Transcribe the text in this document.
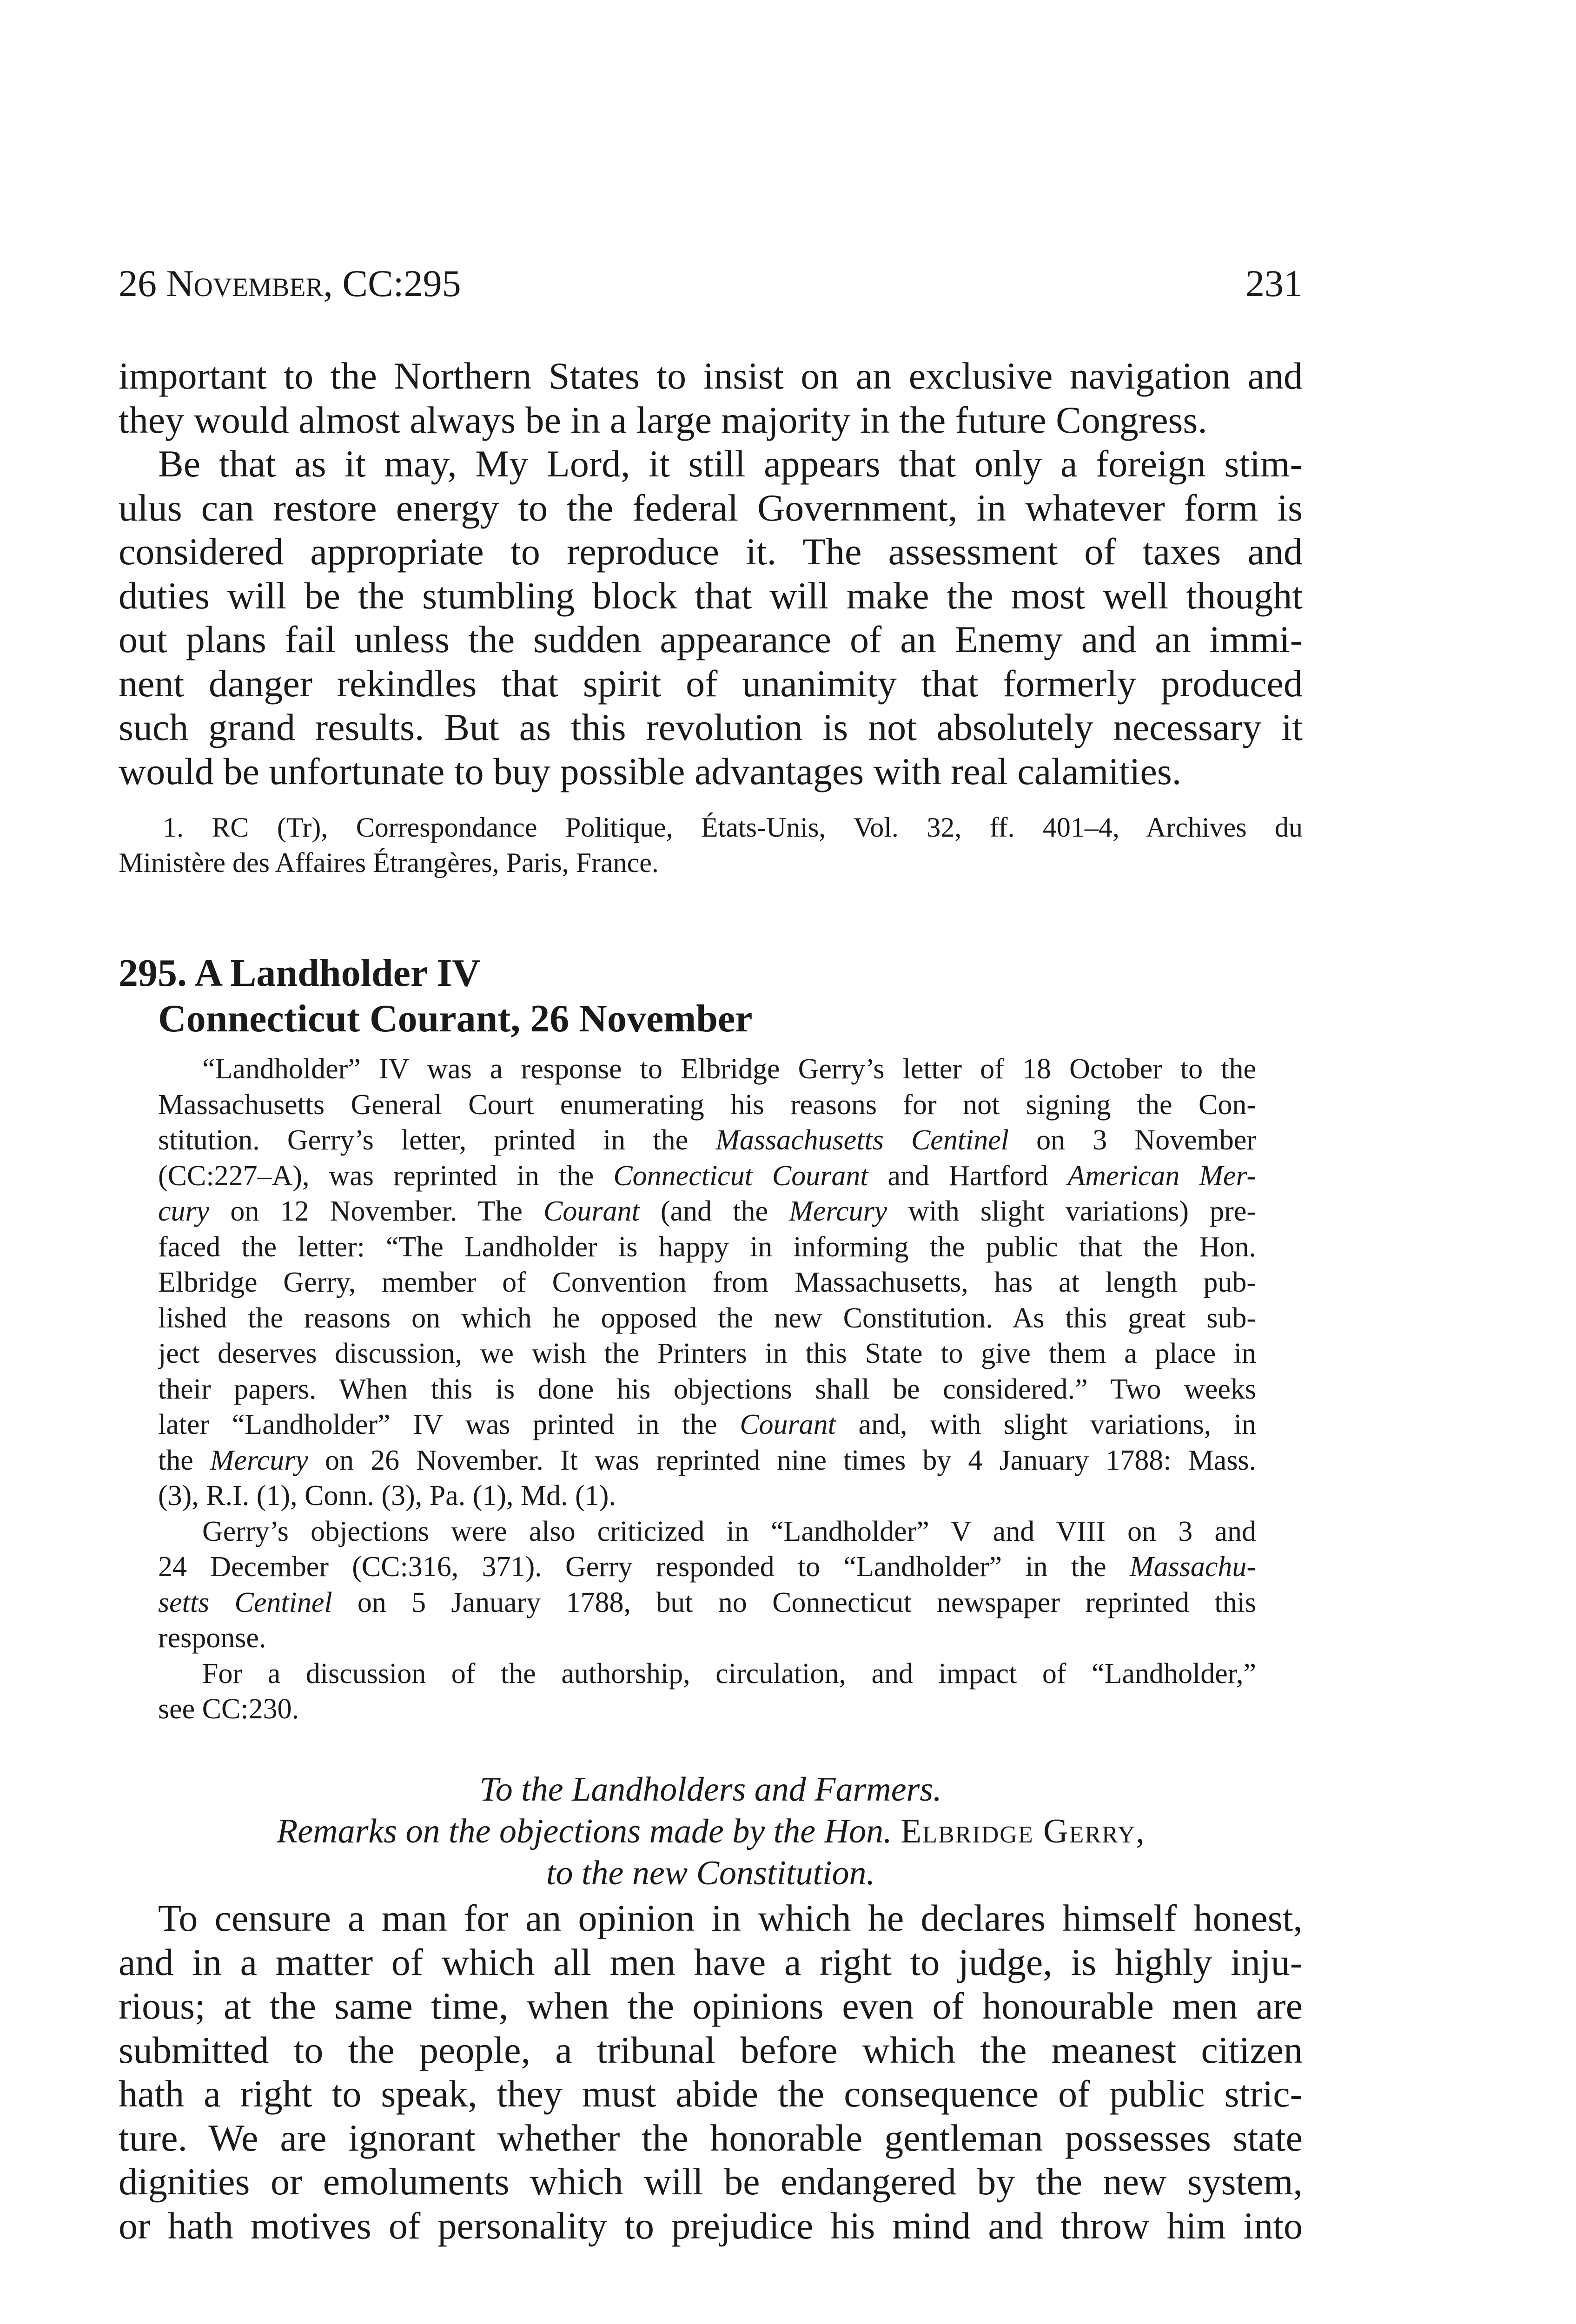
26 November, CC:295	231
important to the Northern States to insist on an exclusive navigation and
they would almost always be in a large majority in the future Congress.
Be that as it may, My Lord, it still appears that only a foreign stim-
ulus can restore energy to the federal Government, in whatever form is
considered appropriate to reproduce it. The assessment of taxes and
duties will be the stumbling block that will make the most well thought
out plans fail unless the sudden appearance of an Enemy and an immi-
nent danger rekindles that spirit of unanimity that formerly produced
such grand results. But as this revolution is not absolutely necessary it
would be unfortunate to buy possible advantages with real calamities.
1. RC (Tr), Correspondance Politique, États-Unis, Vol. 32, ff. 401–4, Archives du
Ministère des Affaires Étrangères, Paris, France.
295. A Landholder IV
Connecticut Courant, 26 November
“Landholder” IV was a response to Elbridge Gerry’s letter of 18 October to the
Massachusetts General Court enumerating his reasons for not signing the Con-
stitution. Gerry’s letter, printed in the Massachusetts Centinel on 3 November
(CC:227–A), was reprinted in the Connecticut Courant and Hartford American Mer-
cury on 12 November. The Courant (and the Mercury with slight variations) pre-
faced the letter: “The Landholder is happy in informing the public that the Hon.
Elbridge Gerry, member of Convention from Massachusetts, has at length pub-
lished the reasons on which he opposed the new Constitution. As this great sub-
ject deserves discussion, we wish the Printers in this State to give them a place in
their papers. When this is done his objections shall be considered.” Two weeks
later “Landholder” IV was printed in the Courant and, with slight variations, in
the Mercury on 26 November. It was reprinted nine times by 4 January 1788: Mass.
(3), R.I. (1), Conn. (3), Pa. (1), Md. (1).
Gerry’s objections were also criticized in “Landholder” V and VIII on 3 and
24 December (CC:316, 371). Gerry responded to “Landholder” in the Massachu-
setts Centinel on 5 January 1788, but no Connecticut newspaper reprinted this
response.
For a discussion of the authorship, circulation, and impact of “Landholder,”
see CC:230.
To the Landholders and Farmers.
Remarks on the objections made by the Hon. Elbridge Gerry,
to the new Constitution.
To censure a man for an opinion in which he declares himself honest,
and in a matter of which all men have a right to judge, is highly inju-
rious; at the same time, when the opinions even of honourable men are
submitted to the people, a tribunal before which the meanest citizen
hath a right to speak, they must abide the consequence of public stric-
ture. We are ignorant whether the honorable gentleman possesses state
dignities or emoluments which will be endangered by the new system,
or hath motives of personality to prejudice his mind and throw him into
